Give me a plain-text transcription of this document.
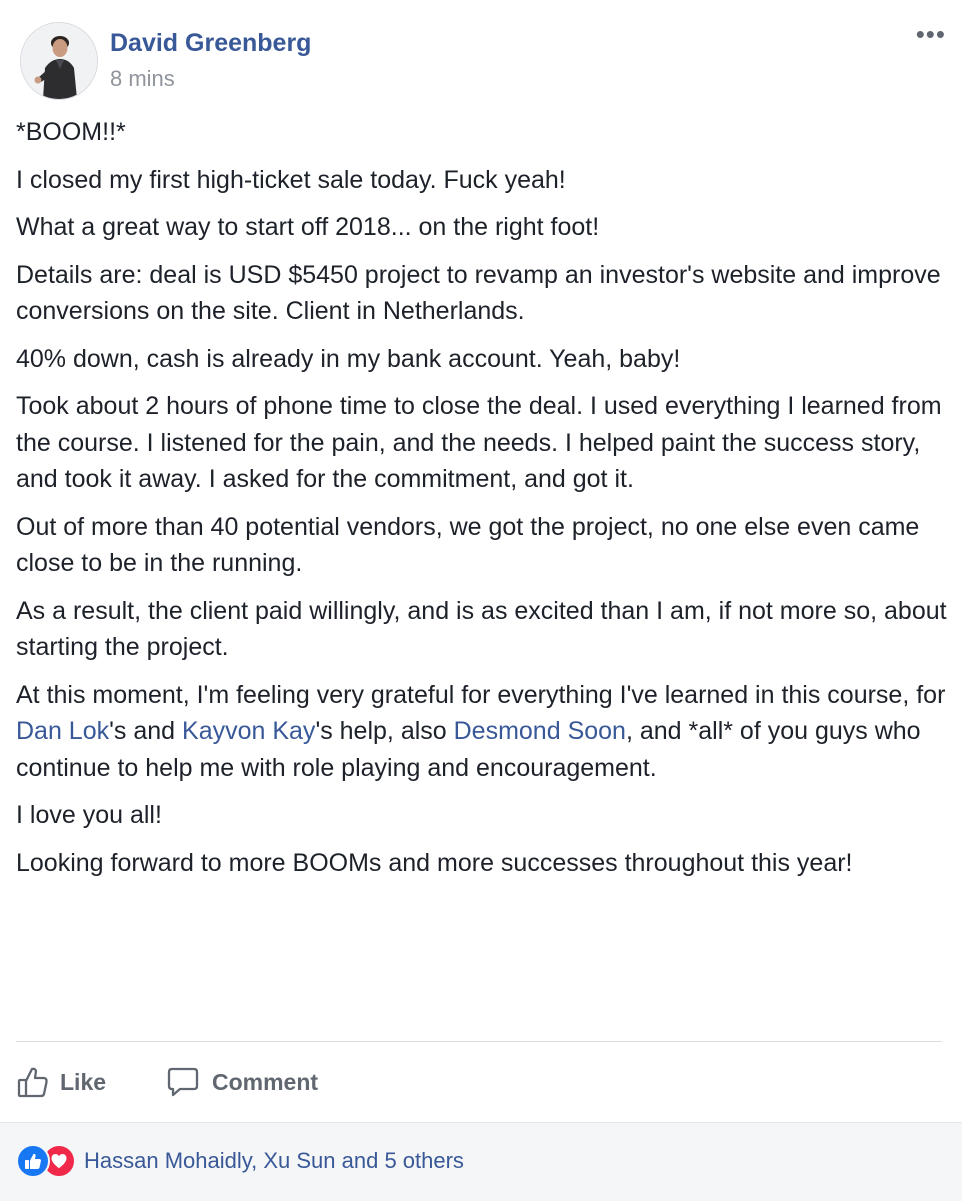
David Greenberg
8 mins
•••

*BOOM!!*

I closed my first high-ticket sale today. Fuck yeah!

What a great way to start off 2018... on the right foot!

Details are: deal is USD $5450 project to revamp an investor's website and improve conversions on the site. Client in Netherlands.

40% down, cash is already in my bank account. Yeah, baby!

Took about 2 hours of phone time to close the deal. I used everything I learned from the course. I listened for the pain, and the needs. I helped paint the success story, and took it away. I asked for the commitment, and got it.

Out of more than 40 potential vendors, we got the project, no one else even came close to be in the running.

As a result, the client paid willingly, and is as excited than I am, if not more so, about starting the project.

At this moment, I'm feeling very grateful for everything I've learned in this course, for Dan Lok's and Kayvon Kay's help, also Desmond Soon, and *all* of you guys who continue to help me with role playing and encouragement.

I love you all!

Looking forward to more BOOMs and more successes throughout this year!

Like	Comment
Hassan Mohaidly, Xu Sun and 5 others
